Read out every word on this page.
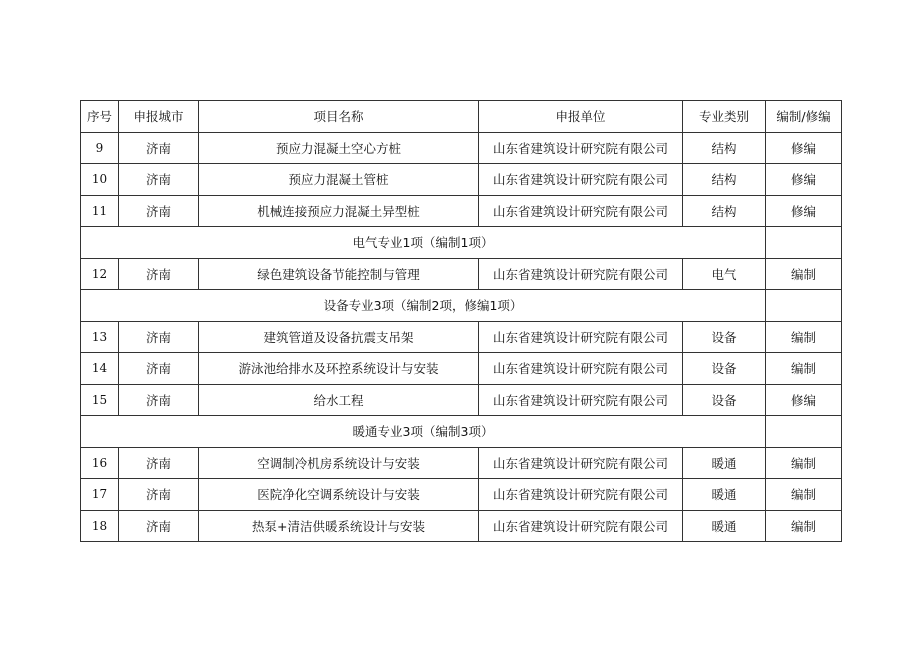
序号	申报城市	项目名称	申报单位	专业类别	编制/修编
9	济南	预应力混凝土空心方桩	山东省建筑设计研究院有限公司	结构	修编
10	济南	预应力混凝土管桩	山东省建筑设计研究院有限公司	结构	修编
11	济南	机械连接预应力混凝土异型桩	山东省建筑设计研究院有限公司	结构	修编
电气专业1项（编制1项）					
12	济南	绿色建筑设备节能控制与管理	山东省建筑设计研究院有限公司	电气	编制
设备专业3项（编制2项，修编1项）					
13	济南	建筑管道及设备抗震支吊架	山东省建筑设计研究院有限公司	设备	编制
14	济南	游泳池给排水及环控系统设计与安装	山东省建筑设计研究院有限公司	设备	编制
15	济南	给水工程	山东省建筑设计研究院有限公司	设备	修编
暖通专业3项（编制3项）					
16	济南	空调制冷机房系统设计与安装	山东省建筑设计研究院有限公司	暖通	编制
17	济南	医院净化空调系统设计与安装	山东省建筑设计研究院有限公司	暖通	编制
18	济南	热泵+清洁供暖系统设计与安装	山东省建筑设计研究院有限公司	暖通	编制
